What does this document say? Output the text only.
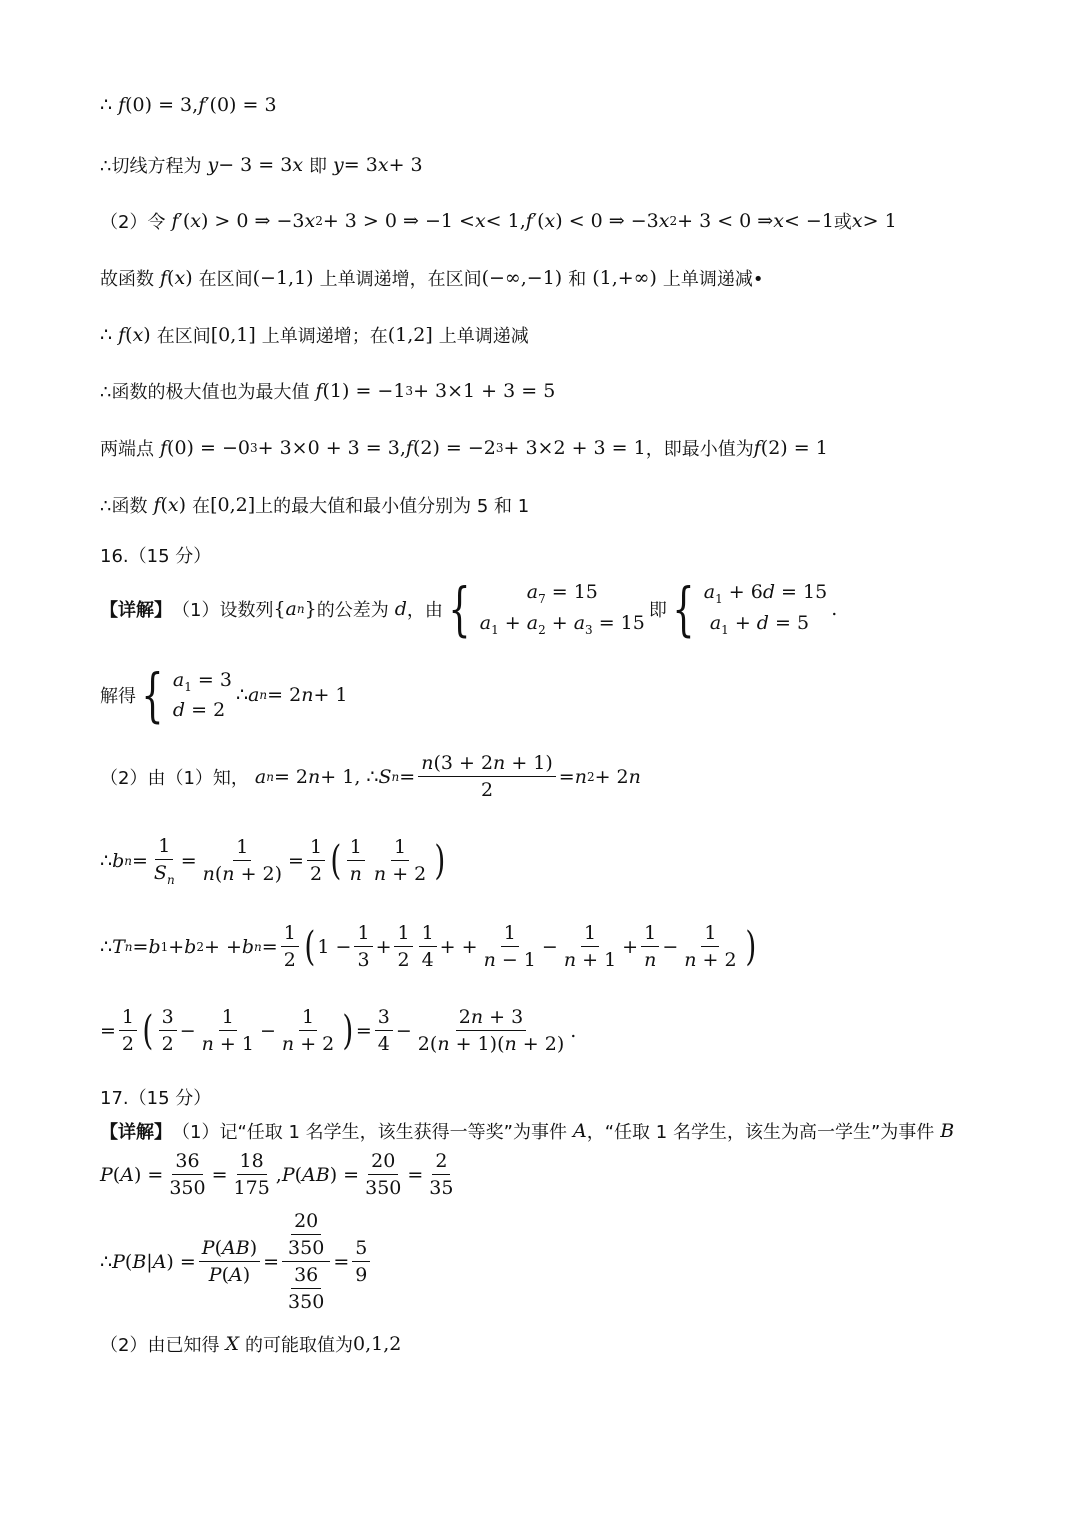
∴ f (0) = 3, f ′(0) = 3
∴切线方程为 y − 3 = 3 x 即 y = 3 x + 3
（2）令 f ′( x ) > 0 ⇒ −3 x 2 + 3 > 0 ⇒ −1 < x < 1, f ′( x ) < 0 ⇒ −3 x 2 + 3 < 0 ⇒ x < −1 或 x > 1
故函数 f ( x ) 在区间 (−1,1) 上单调递增，在区间 (−∞,−1) 和 (1,+∞) 上单调递减•
∴ f ( x ) 在区间 [0,1] 上单调递增；在 (1,2] 上单调递减
∴函数的极大值也为最大值 f (1) = −1 3 + 3×1 + 3 = 5
两端点 f (0) = −0 3 + 3×0 + 3 = 3, f (2) = −2 3 + 3×2 + 3 = 1 ，即最小值为 f (2) = 1
∴函数 f ( x ) 在 [0,2] 上的最大值和最小值分别为 5 和 1
16.（15 分）
【详解】 （1）设数列 { a n } 的公差为 d ，由 {	$a_7 = 15$
$a_1 + a_2 + a_3 = 15$
即 { $a_1 + 6d = 15$
$a_1 + d = 5$
.
解得 { $a_1 = 3$
d = 2
∴ a n = 2 n + 1
（2）由（1）知， a n = 2 n + 1, ∴ S $n = \frac{n(3 + 2n + 1)}{2} = n$ 2 + 2 n
∴ b $n = \frac{1}{S_n} = \frac{1}{n(n + 2)} = \frac{1}{2}$ ( $\frac{1}{n} \frac{1}{n + 2}$ )
∴ T n = b 1 + b 2 + + b $n = \frac{1}{2}$ ( $1 - \frac{1}{3} + \frac{1}{2} \frac{1}{4}$ + + $\frac{1}{n - 1} - \frac{1}{n + 1} + \frac{1}{n} - \frac{1}{n + 2}$ )
= $\frac{1}{2}$ ( $\frac{3}{2} - \frac{1}{n + 1} - \frac{1}{n + 2}$ ) = $\frac{3}{4} - \frac{2n + 3}{2(n + 1)(n + 2)}$ .
17.（15 分）
【详解】 （1）记“任取 1 名学生，该生获得一等奖”为事件 A ，“任取 1 名学生，该生为高一学生”为事件 B
P ( A ) = $\frac{36}{350} = \frac{18}{175}$ , P ( AB ) = $\frac{20}{350} = \frac{2}{35}$
∴ P ( B | A ) = $\frac{P(AB)}{P(A)} = \frac{\frac{20}{350}}{\frac{36}{350}} = \frac{5}{9}$
（2）由已知得 X 的可能取值为 0,1,2
